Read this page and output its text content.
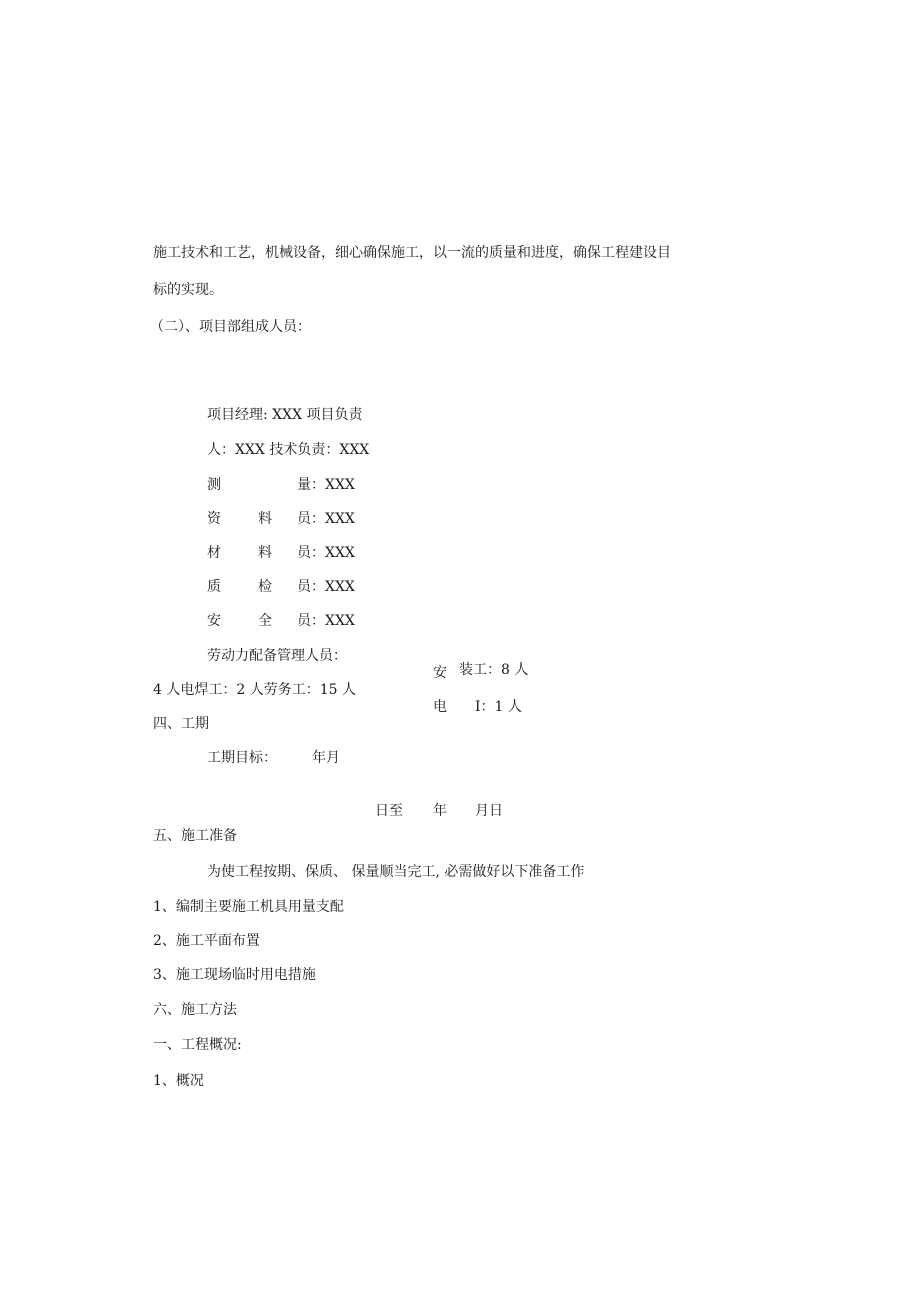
施工技术和工艺，机械设备，细心确保施工，以一流的质量和进度，确保工程建设目
标的实现。
（二）、项目部组成人员：
项目经理: XXX 项目负责
人：XXX 技术负责：XXX
测	量：XXX
资	料 员：XXX
材	料 员：XXX
质	检 员：XXX
安	全 员：XXX
劳动力配备管理人员：
安 装工：8 人
4 人电焊工：2 人劳务工：15 人
电 I：1 人
四、工期
工期目标：	年月
日至 年 月日
五、施工准备
为使工程按期、保质、 保量顺当完工, 必需做好以下准备工作
1、编制主要施工机具用量支配
2、施工平面布置
3、施工现场临时用电措施
六、施工方法
一、工程概况:
1、概况
